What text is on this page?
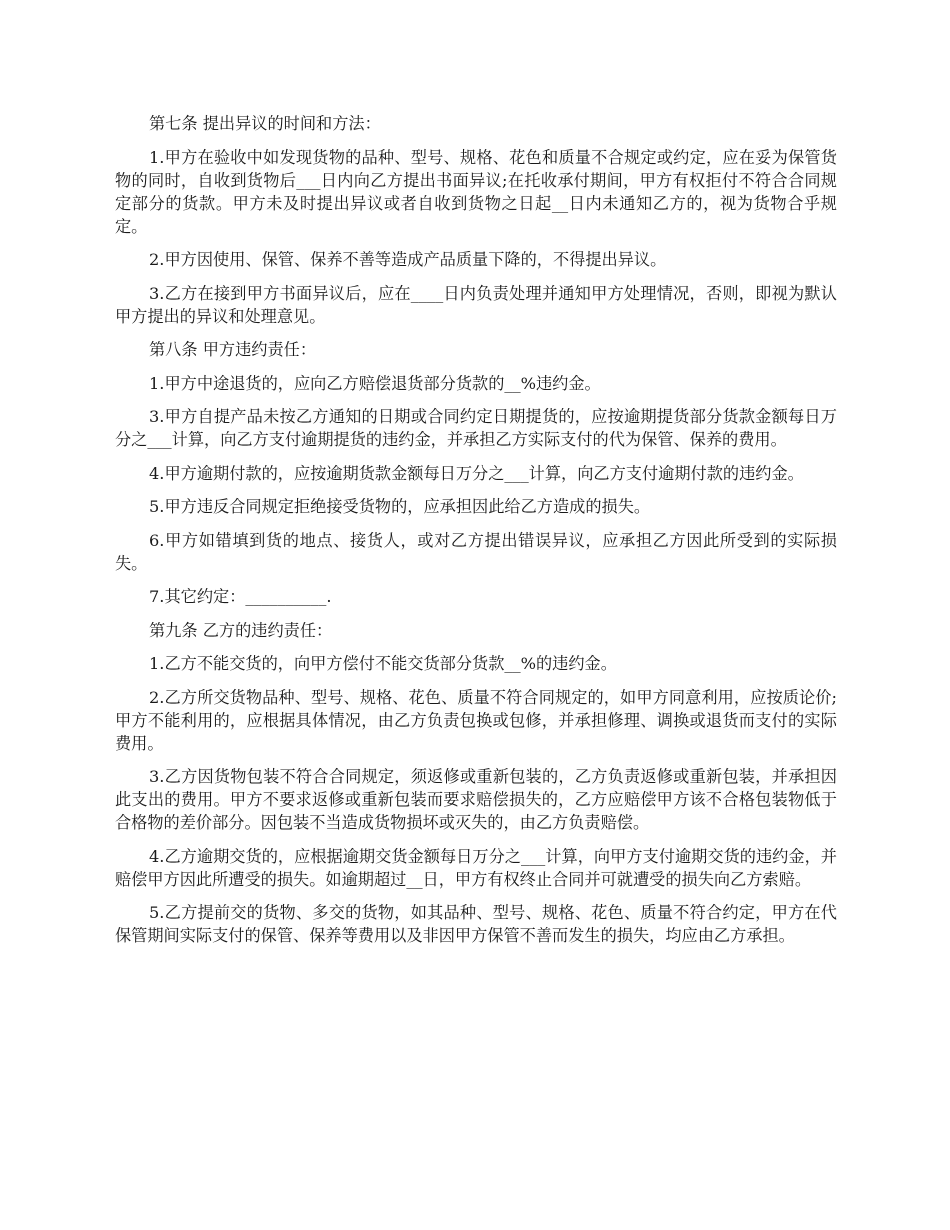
第七条 提出异议的时间和方法：

1.甲方在验收中如发现货物的品种、型号、规格、花色和质量不合规定或约定，应在妥为保管货物的同时，自收到货物后___日内向乙方提出书面异议;在托收承付期间，甲方有权拒付不符合合同规定部分的货款。甲方未及时提出异议或者自收到货物之日起__日内未通知乙方的，视为货物合乎规定。

2.甲方因使用、保管、保养不善等造成产品质量下降的，不得提出异议。

3.乙方在接到甲方书面异议后，应在____日内负责处理并通知甲方处理情况，否则，即视为默认甲方提出的异议和处理意见。

第八条 甲方违约责任：

1.甲方中途退货的，应向乙方赔偿退货部分货款的__%违约金。

3.甲方自提产品未按乙方通知的日期或合同约定日期提货的，应按逾期提货部分货款金额每日万分之___计算，向乙方支付逾期提货的违约金，并承担乙方实际支付的代为保管、保养的费用。

4.甲方逾期付款的，应按逾期货款金额每日万分之___计算，向乙方支付逾期付款的违约金。

5.甲方违反合同规定拒绝接受货物的，应承担因此给乙方造成的损失。

6.甲方如错填到货的地点、接货人，或对乙方提出错误异议，应承担乙方因此所受到的实际损失。

7.其它约定：__________.

第九条 乙方的违约责任：

1.乙方不能交货的，向甲方偿付不能交货部分货款__%的违约金。

2.乙方所交货物品种、型号、规格、花色、质量不符合同规定的，如甲方同意利用，应按质论价;甲方不能利用的，应根据具体情况，由乙方负责包换或包修，并承担修理、调换或退货而支付的实际费用。

3.乙方因货物包装不符合合同规定，须返修或重新包装的，乙方负责返修或重新包装，并承担因此支出的费用。甲方不要求返修或重新包装而要求赔偿损失的，乙方应赔偿甲方该不合格包装物低于合格物的差价部分。因包装不当造成货物损坏或灭失的，由乙方负责赔偿。

4.乙方逾期交货的，应根据逾期交货金额每日万分之___计算，向甲方支付逾期交货的违约金，并赔偿甲方因此所遭受的损失。如逾期超过__日，甲方有权终止合同并可就遭受的损失向乙方索赔。

5.乙方提前交的货物、多交的货物，如其品种、型号、规格、花色、质量不符合约定，甲方在代保管期间实际支付的保管、保养等费用以及非因甲方保管不善而发生的损失，均应由乙方承担。
